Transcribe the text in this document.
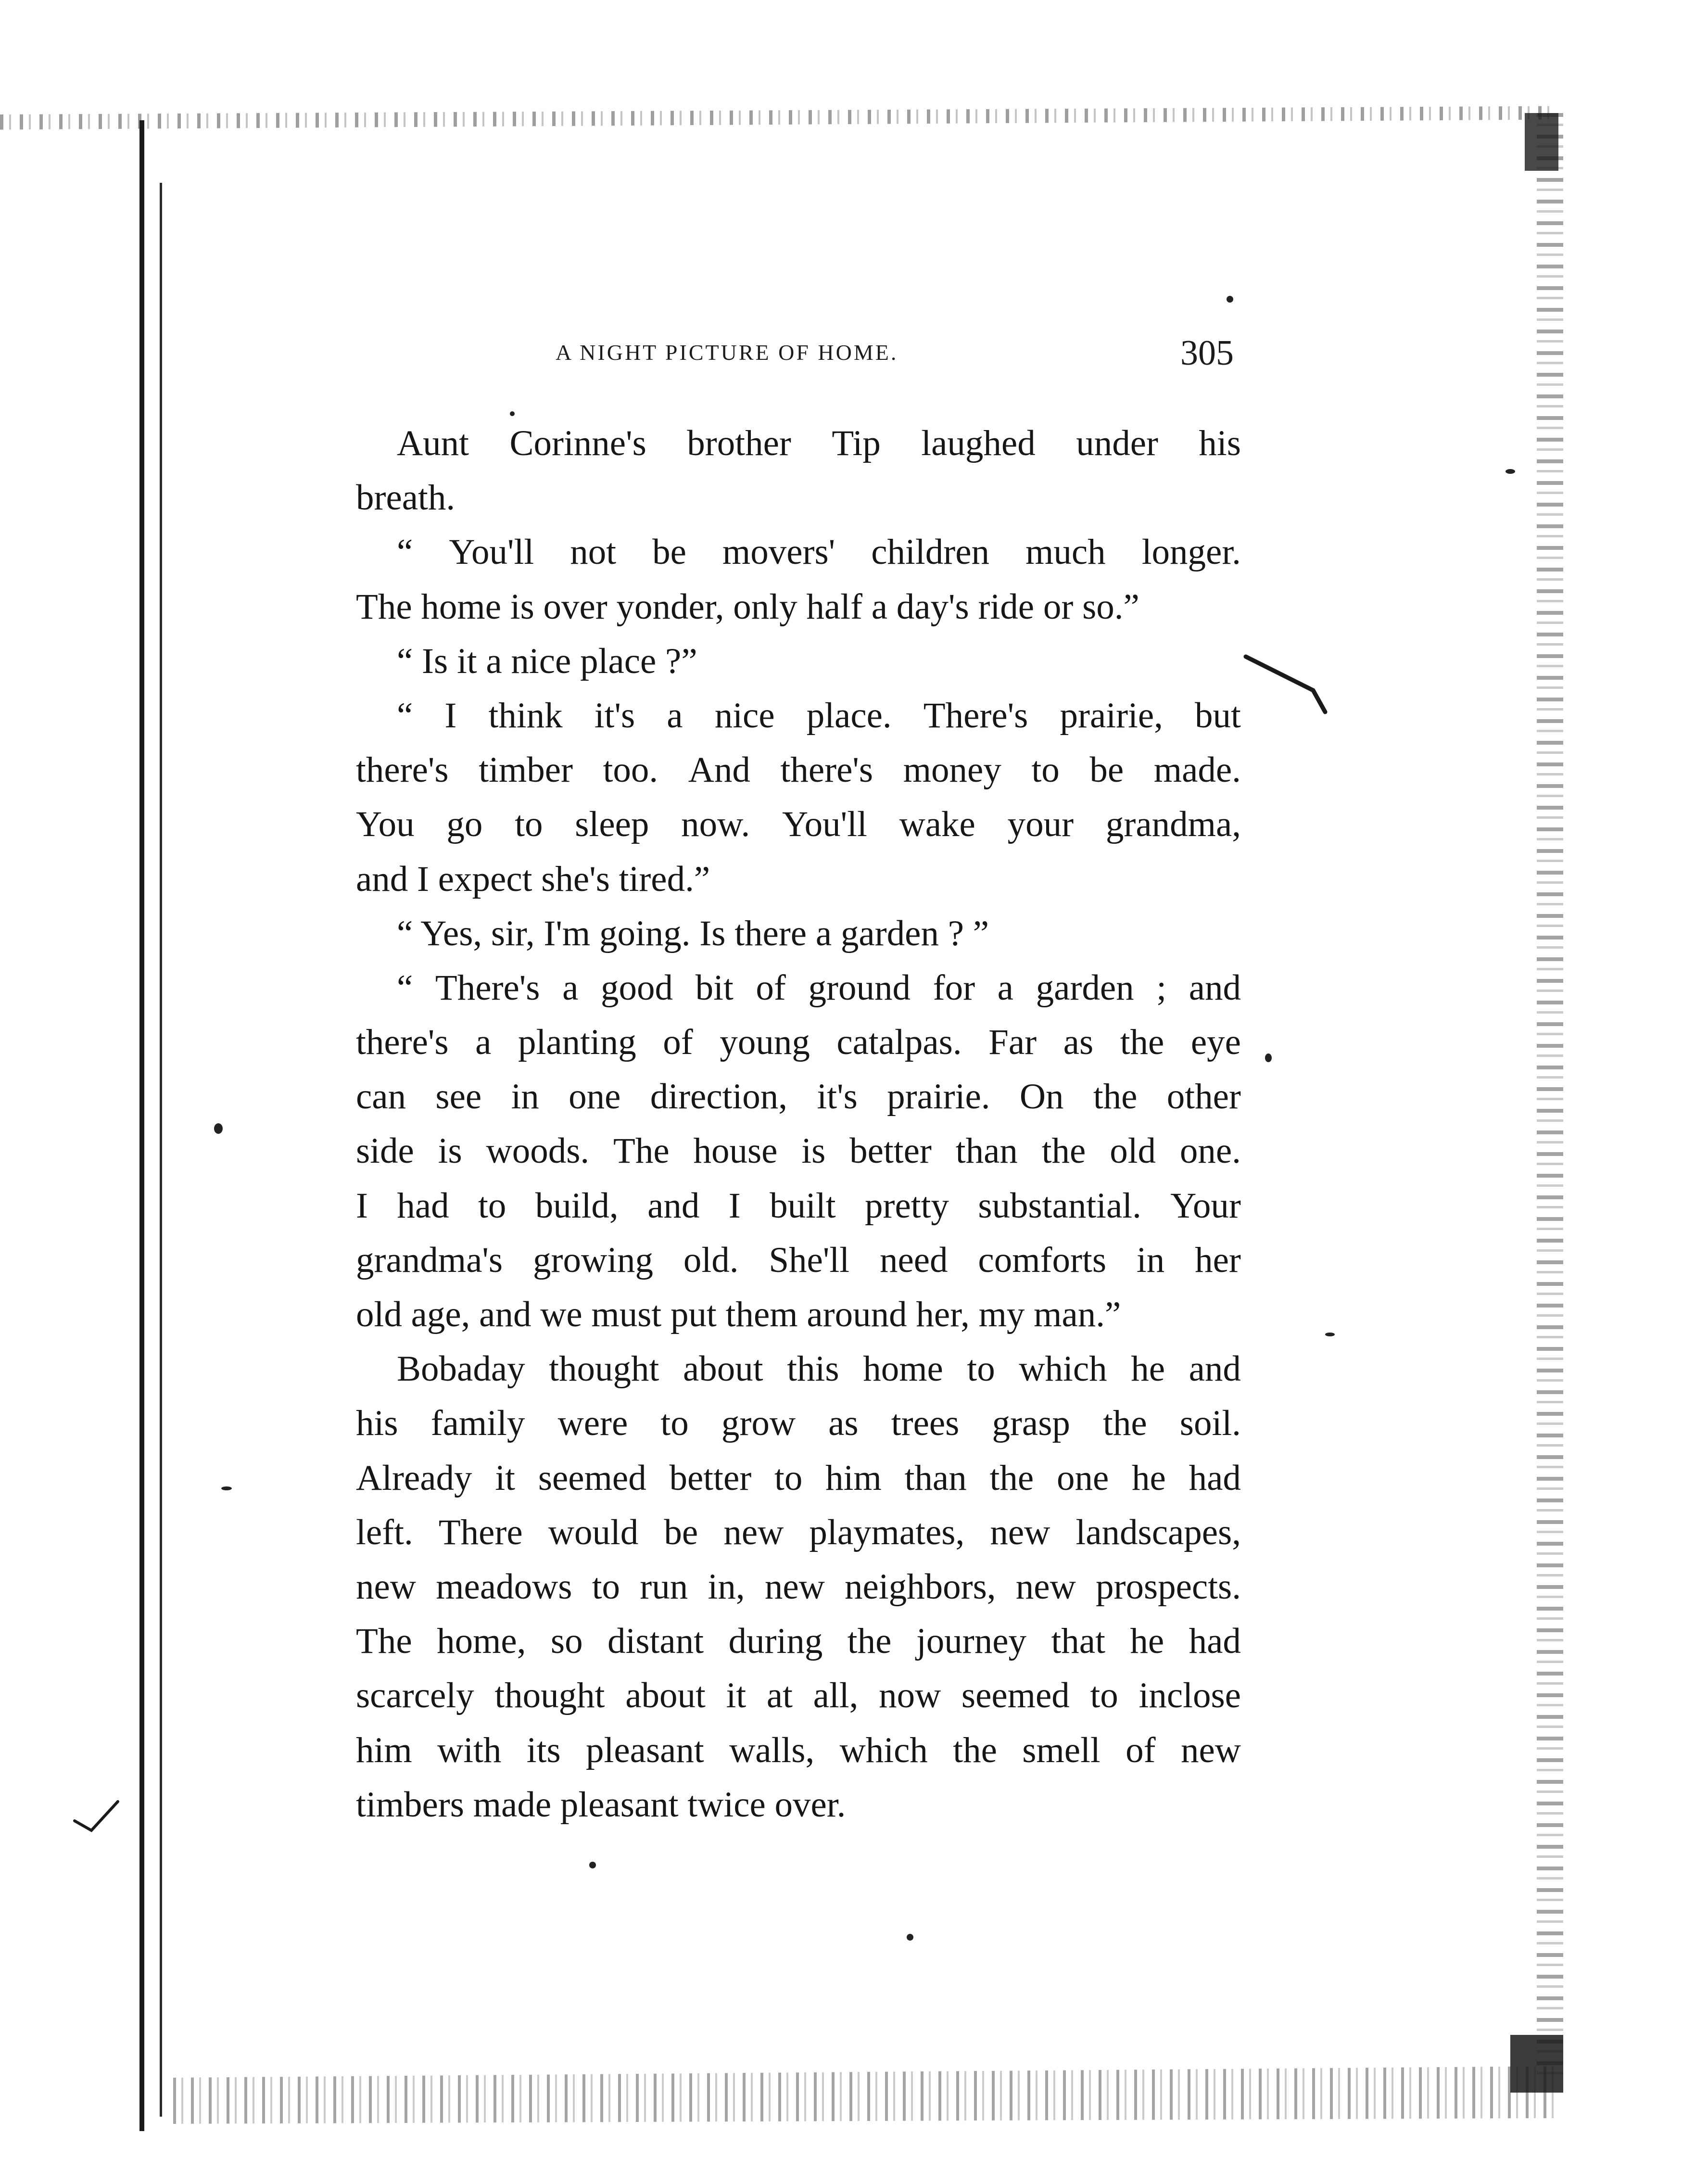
A NIGHT PICTURE OF HOME.	305
Aunt Corinne's brother Tip laughed under his
breath.
“ You'll not be movers' children much longer.
The home is over yonder, only half a day's ride or so.”
“ Is it a nice place ?”
“ I think it's a nice place. There's prairie, but
there's timber too. And there's money to be made.
You go to sleep now. You'll wake your grandma,
and I expect she's tired.”
“ Yes, sir, I'm going. Is there a garden ? ”
“ There's a good bit of ground for a garden ; and
there's a planting of young catalpas. Far as the eye
can see in one direction, it's prairie. On the other
side is woods. The house is better than the old one.
I had to build, and I built pretty substantial. Your
grandma's growing old. She'll need comforts in her
old age, and we must put them around her, my man.”
Bobaday thought about this home to which he and
his family were to grow as trees grasp the soil.
Already it seemed better to him than the one he had
left. There would be new playmates, new landscapes,
new meadows to run in, new neighbors, new prospects.
The home, so distant during the journey that he had
scarcely thought about it at all, now seemed to inclose
him with its pleasant walls, which the smell of new
timbers made pleasant twice over.
